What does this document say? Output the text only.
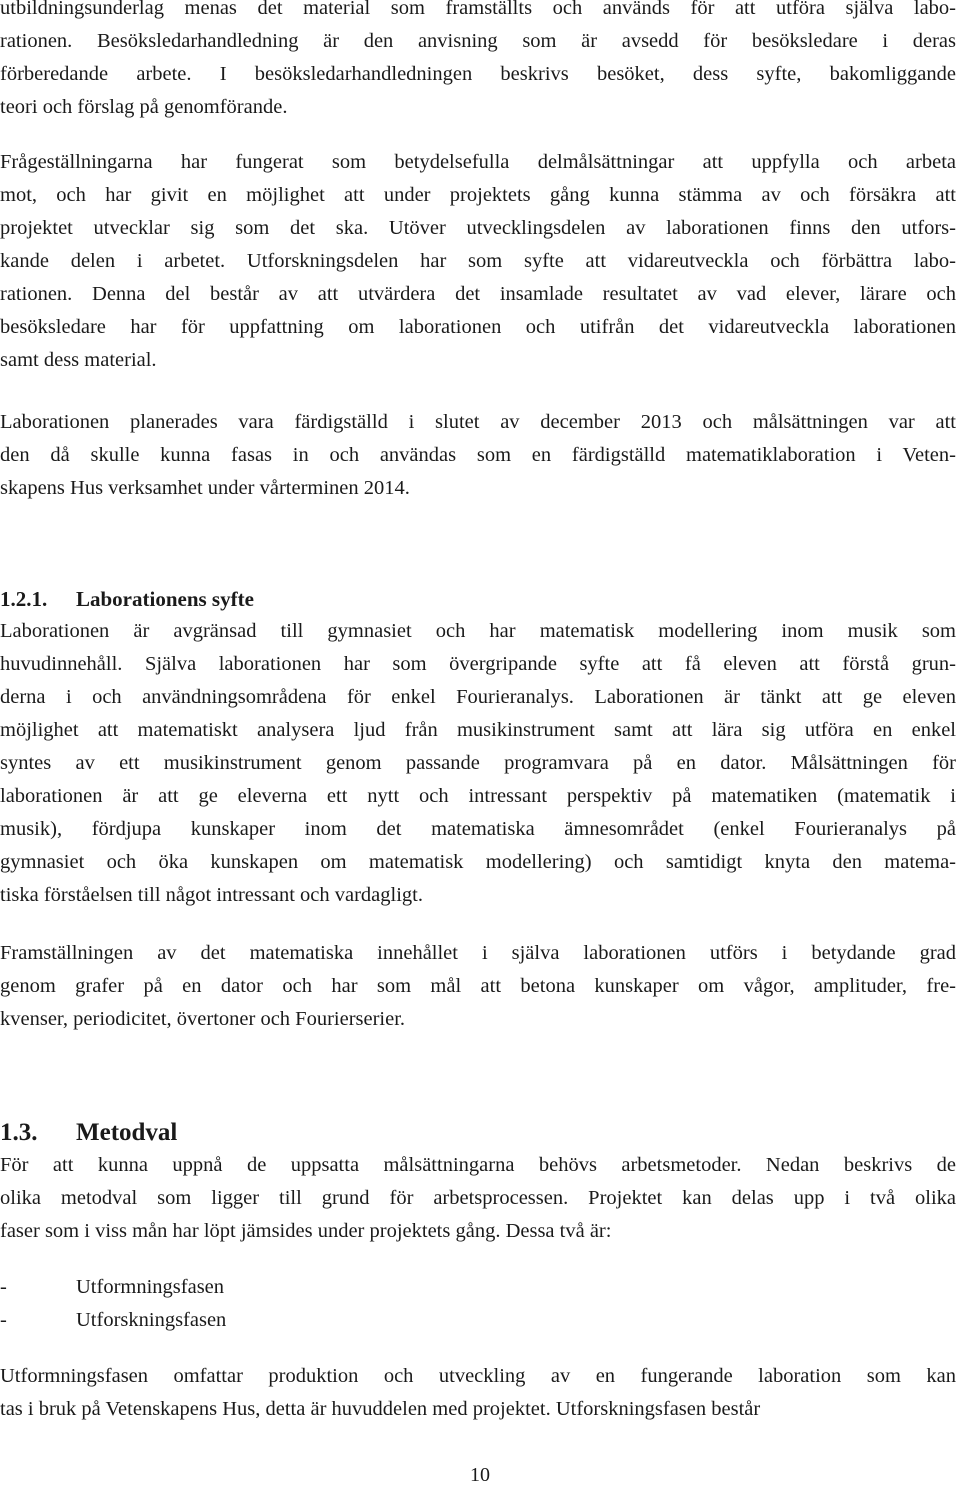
utbildningsunderlag menas det material som framställts och används för att utföra själva labo-
rationen. Besöksledarhandledning är den anvisning som är avsedd för besöksledare i deras
förberedande arbete. I besöksledarhandledningen beskrivs besöket, dess syfte, bakomliggande
teori och förslag på genomförande.
Frågeställningarna har fungerat som betydelsefulla delmålsättningar att uppfylla och arbeta
mot, och har givit en möjlighet att under projektets gång kunna stämma av och försäkra att
projektet utvecklar sig som det ska. Utöver utvecklingsdelen av laborationen finns den utfors-
kande delen i arbetet. Utforskningsdelen har som syfte att vidareutveckla och förbättra labo-
rationen. Denna del består av att utvärdera det insamlade resultatet av vad elever, lärare och
besöksledare har för uppfattning om laborationen och utifrån det vidareutveckla laborationen
samt dess material.
Laborationen planerades vara färdigställd i slutet av december 2013 och målsättningen var att
den då skulle kunna fasas in och användas som en färdigställd matematiklaboration i Veten-
skapens Hus verksamhet under vårterminen 2014.
1.2.1. Laborationens syfte
Laborationen är avgränsad till gymnasiet och har matematisk modellering inom musik som
huvudinnehåll. Själva laborationen har som övergripande syfte att få eleven att förstå grun-
derna i och användningsområdena för enkel Fourieranalys. Laborationen är tänkt att ge eleven
möjlighet att matematiskt analysera ljud från musikinstrument samt att lära sig utföra en enkel
syntes av ett musikinstrument genom passande programvara på en dator. Målsättningen för
laborationen är att ge eleverna ett nytt och intressant perspektiv på matematiken (matematik i
musik), fördjupa kunskaper inom det matematiska ämnesområdet (enkel Fourieranalys på
gymnasiet och öka kunskapen om matematisk modellering) och samtidigt knyta den matema-
tiska förståelsen till något intressant och vardagligt.
Framställningen av det matematiska innehållet i själva laborationen utförs i betydande grad
genom grafer på en dator och har som mål att betona kunskaper om vågor, amplituder, fre-
kvenser, periodicitet, övertoner och Fourierserier.
1.3. Metodval
För att kunna uppnå de uppsatta målsättningarna behövs arbetsmetoder. Nedan beskrivs de
olika metodval som ligger till grund för arbetsprocessen. Projektet kan delas upp i två olika
faser som i viss mån har löpt jämsides under projektets gång. Dessa två är:
-	Utformningsfasen
-	Utforskningsfasen
Utformningsfasen omfattar produktion och utveckling av en fungerande laboration som kan
tas i bruk på Vetenskapens Hus, detta är huvuddelen med projektet. Utforskningsfasen består
10
